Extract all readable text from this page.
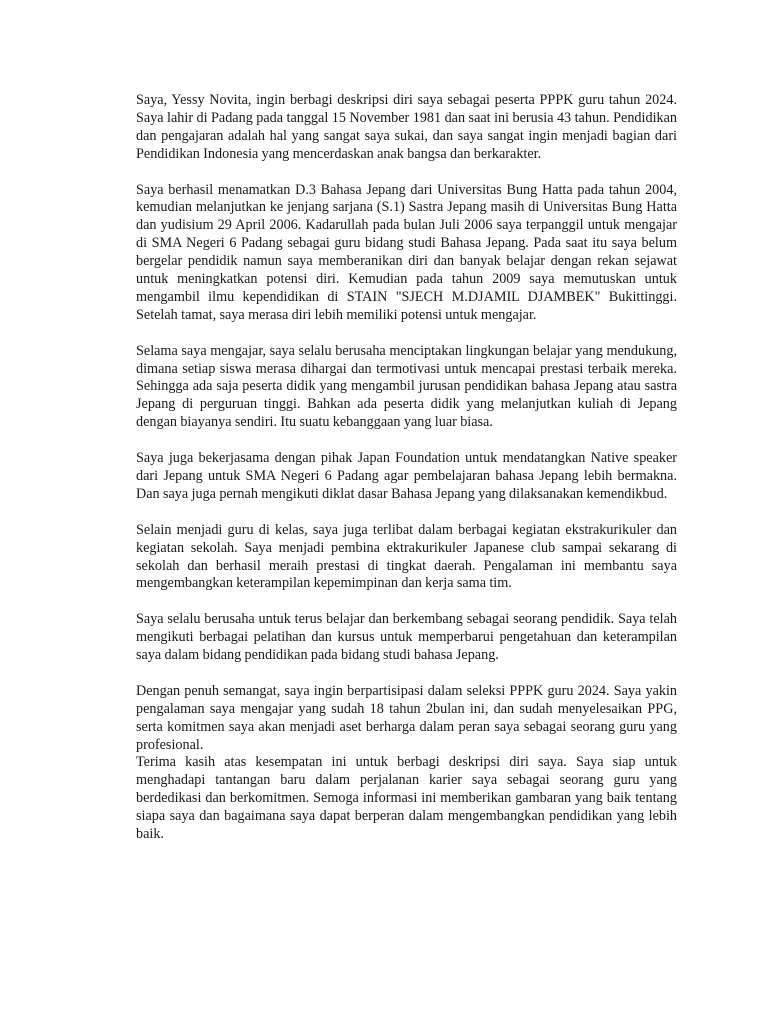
Saya, Yessy Novita, ingin berbagi deskripsi diri saya sebagai peserta PPPK guru tahun 2024. Saya lahir di Padang pada tanggal 15 November 1981 dan saat ini berusia 43 tahun. Pendidikan dan pengajaran adalah hal yang sangat saya sukai, dan saya sangat ingin menjadi bagian dari Pendidikan Indonesia yang mencerdaskan anak bangsa dan berkarakter.

Saya berhasil menamatkan D.3 Bahasa Jepang dari Universitas Bung Hatta pada tahun 2004, kemudian melanjutkan ke jenjang sarjana (S.1) Sastra Jepang masih di Universitas Bung Hatta dan yudisium 29 April 2006. Kadarullah pada bulan Juli 2006 saya terpanggil untuk mengajar di SMA Negeri 6 Padang sebagai guru bidang studi Bahasa Jepang. Pada saat itu saya belum bergelar pendidik namun saya memberanikan diri dan banyak belajar dengan rekan sejawat untuk meningkatkan potensi diri. Kemudian pada tahun 2009 saya memutuskan untuk mengambil ilmu kependidikan di STAIN "SJECH M.DJAMIL DJAMBEK" Bukittinggi. Setelah tamat, saya merasa diri lebih memiliki potensi untuk mengajar.

Selama saya mengajar, saya selalu berusaha menciptakan lingkungan belajar yang mendukung, dimana setiap siswa merasa dihargai dan termotivasi untuk mencapai prestasi terbaik mereka. Sehingga ada saja peserta didik yang mengambil jurusan pendidikan bahasa Jepang atau sastra Jepang di perguruan tinggi. Bahkan ada peserta didik yang melanjutkan kuliah di Jepang dengan biayanya sendiri. Itu suatu kebanggaan yang luar biasa.

Saya juga bekerjasama dengan pihak Japan Foundation untuk mendatangkan Native speaker dari Jepang untuk SMA Negeri 6 Padang agar pembelajaran bahasa Jepang lebih bermakna. Dan saya juga pernah mengikuti diklat dasar Bahasa Jepang yang dilaksanakan kemendikbud.

Selain menjadi guru di kelas, saya juga terlibat dalam berbagai kegiatan ekstrakurikuler dan kegiatan sekolah. Saya menjadi pembina ektrakurikuler Japanese club sampai sekarang di sekolah dan berhasil meraih prestasi di tingkat daerah. Pengalaman ini membantu saya mengembangkan keterampilan kepemimpinan dan kerja sama tim.

Saya selalu berusaha untuk terus belajar dan berkembang sebagai seorang pendidik. Saya telah mengikuti berbagai pelatihan dan kursus untuk memperbarui pengetahuan dan keterampilan saya dalam bidang pendidikan pada bidang studi bahasa Jepang.

Dengan penuh semangat, saya ingin berpartisipasi dalam seleksi PPPK guru 2024. Saya yakin pengalaman saya mengajar yang sudah 18 tahun 2bulan ini, dan sudah menyelesaikan PPG, serta komitmen saya akan menjadi aset berharga dalam peran saya sebagai seorang guru yang profesional.

Terima kasih atas kesempatan ini untuk berbagi deskripsi diri saya. Saya siap untuk menghadapi tantangan baru dalam perjalanan karier saya sebagai seorang guru yang berdedikasi dan berkomitmen. Semoga informasi ini memberikan gambaran yang baik tentang siapa saya dan bagaimana saya dapat berperan dalam mengembangkan pendidikan yang lebih baik.
